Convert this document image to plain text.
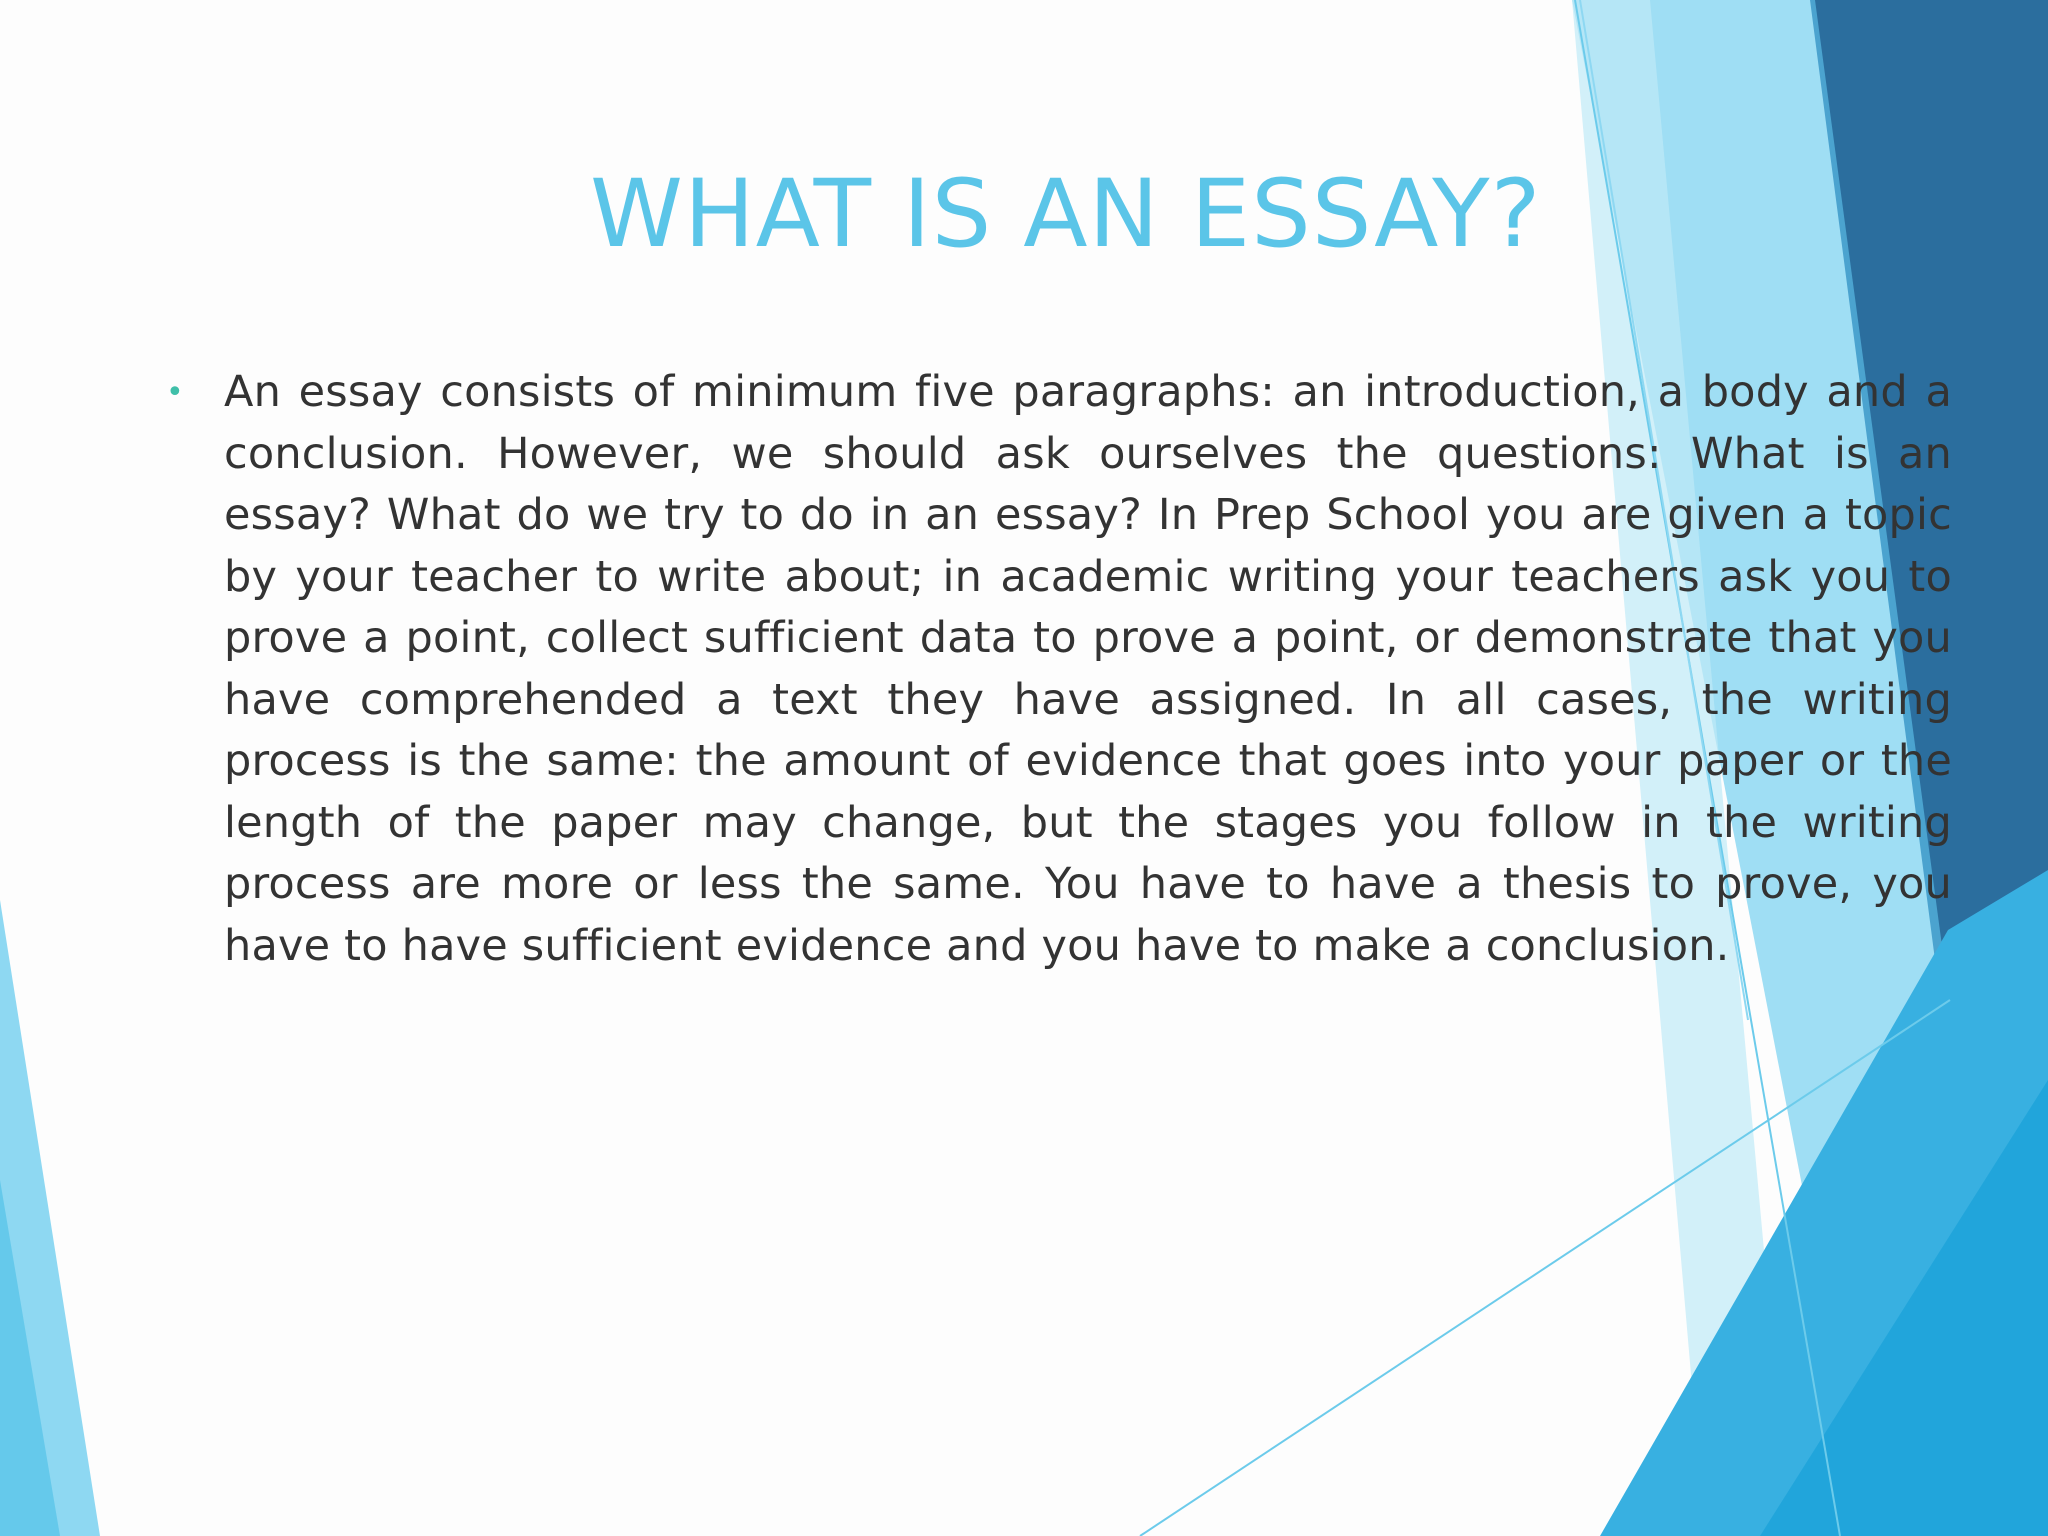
WHAT IS AN ESSAY?
• An essay consists of minimum five paragraphs: an introduction, a body and a conclusion. However, we should ask ourselves the questions: What is an essay? What do we try to do in an essay? In Prep School you are given a topic by your teacher to write about; in academic writing your teachers ask you to prove a point, collect sufficient data to prove a point, or demonstrate that you have comprehended a text they have assigned. In all cases, the writing process is the same: the amount of evidence that goes into your paper or the length of the paper may change, but the stages you follow in the writing process are more or less the same. You have to have a thesis to prove, you have to have sufficient evidence and you have to make a conclusion.
